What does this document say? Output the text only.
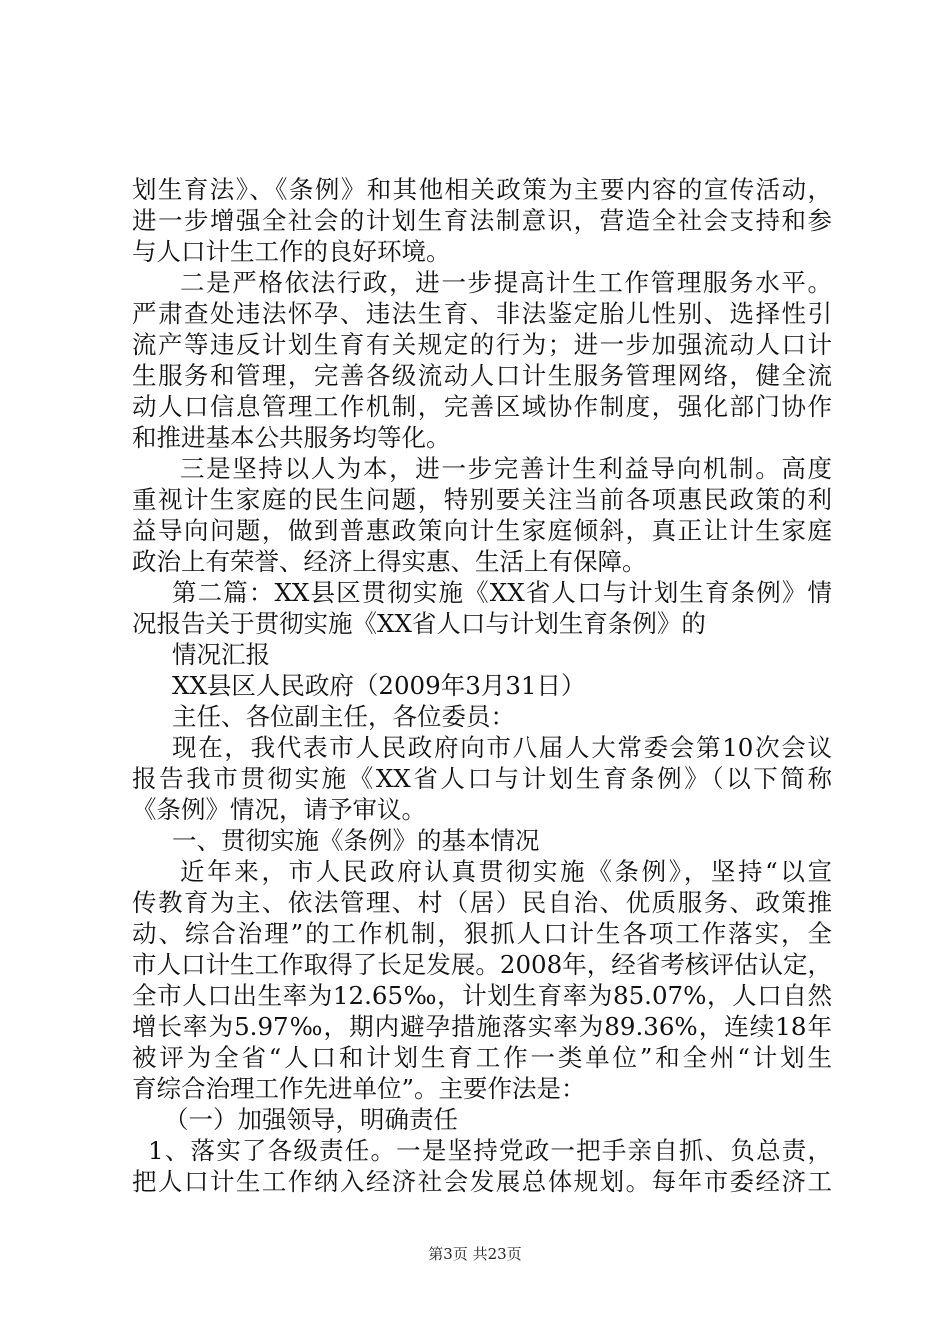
划生育法》、《条例》和其他相关政策为主要内容的宣传活动，
进一步增强全社会的计划生育法制意识，营造全社会支持和参
与人口计生工作的良好环境。
二是严格依法行政，进一步提高计生工作管理服务水平。
严肃查处违法怀孕、违法生育、非法鉴定胎儿性别、选择性引
流产等违反计划生育有关规定的行为；进一步加强流动人口计
生服务和管理，完善各级流动人口计生服务管理网络，健全流
动人口信息管理工作机制，完善区域协作制度，强化部门协作
和推进基本公共服务均等化。
三是坚持以人为本，进一步完善计生利益导向机制。高度
重视计生家庭的民生问题，特别要关注当前各项惠民政策的利
益导向问题，做到普惠政策向计生家庭倾斜，真正让计生家庭
政治上有荣誉、经济上得实惠、生活上有保障。
第二篇：XX县区贯彻实施《XX省人口与计划生育条例》情
况报告关于贯彻实施《XX省人口与计划生育条例》的
情况汇报
XX县区人民政府（2009年3月31日）
主任、各位副主任，各位委员：
现在，我代表市人民政府向市八届人大常委会第10次会议
报告我市贯彻实施《XX省人口与计划生育条例》（以下简称
《条例》情况，请予审议。
一、贯彻实施《条例》的基本情况
近年来，市人民政府认真贯彻实施《条例》，坚持“以宣
传教育为主、依法管理、村（居）民自治、优质服务、政策推
动、综合治理”的工作机制，狠抓人口计生各项工作落实，全
市人口计生工作取得了长足发展。2008年，经省考核评估认定，
全市人口出生率为12.65‰，计划生育率为85.07%，人口自然
增长率为5.97‰，期内避孕措施落实率为89.36%，连续18年
被评为全省“人口和计划生育工作一类单位”和全州“计划生
育综合治理工作先进单位”。主要作法是：
（一）加强领导，明确责任
1、落实了各级责任。一是坚持党政一把手亲自抓、负总责，
把人口计生工作纳入经济社会发展总体规划。每年市委经济工
第3页 共23页
